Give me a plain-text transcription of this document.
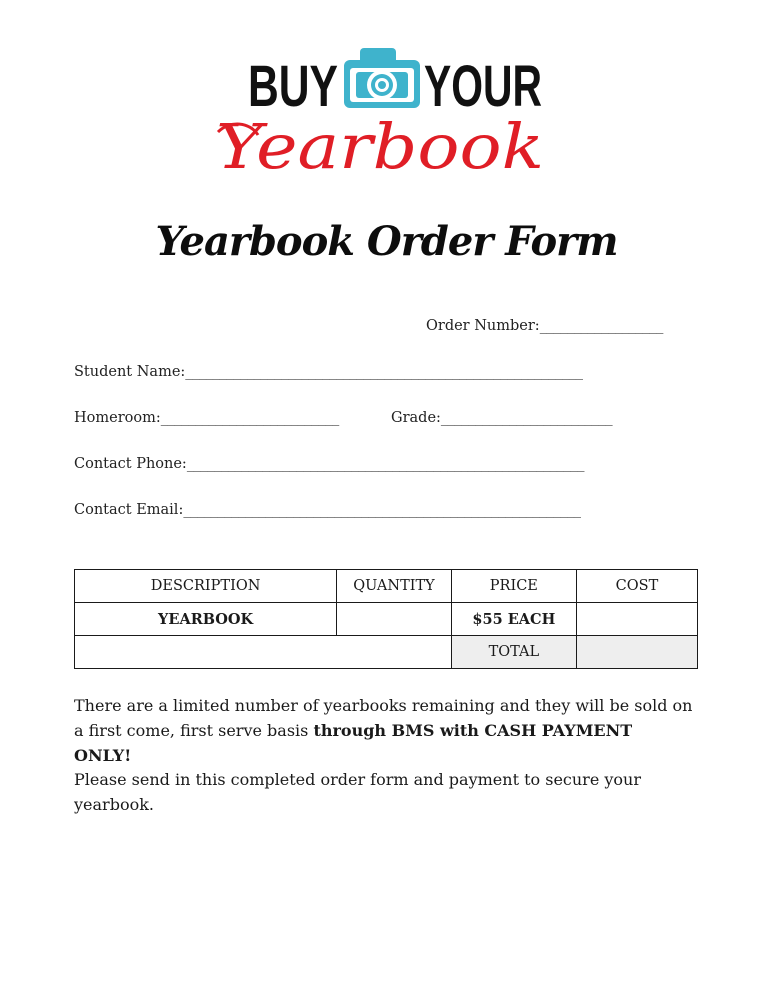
BUY YOUR
Yearbook
Yearbook Order Form
Order Number:__________________
Student Name:__________________________________________________________
Homeroom:__________________________	Grade:_________________________
Contact Phone:__________________________________________________________
Contact Email:__________________________________________________________
DESCRIPTION	QUANTITY	PRICE	COST
YEARBOOK		$55 EACH	
		TOTAL	

There are a limited number of yearbooks remaining and they will be sold on a first come, first serve basis through BMS with CASH PAYMENT ONLY!

Please send in this completed order form and payment to secure your yearbook.
